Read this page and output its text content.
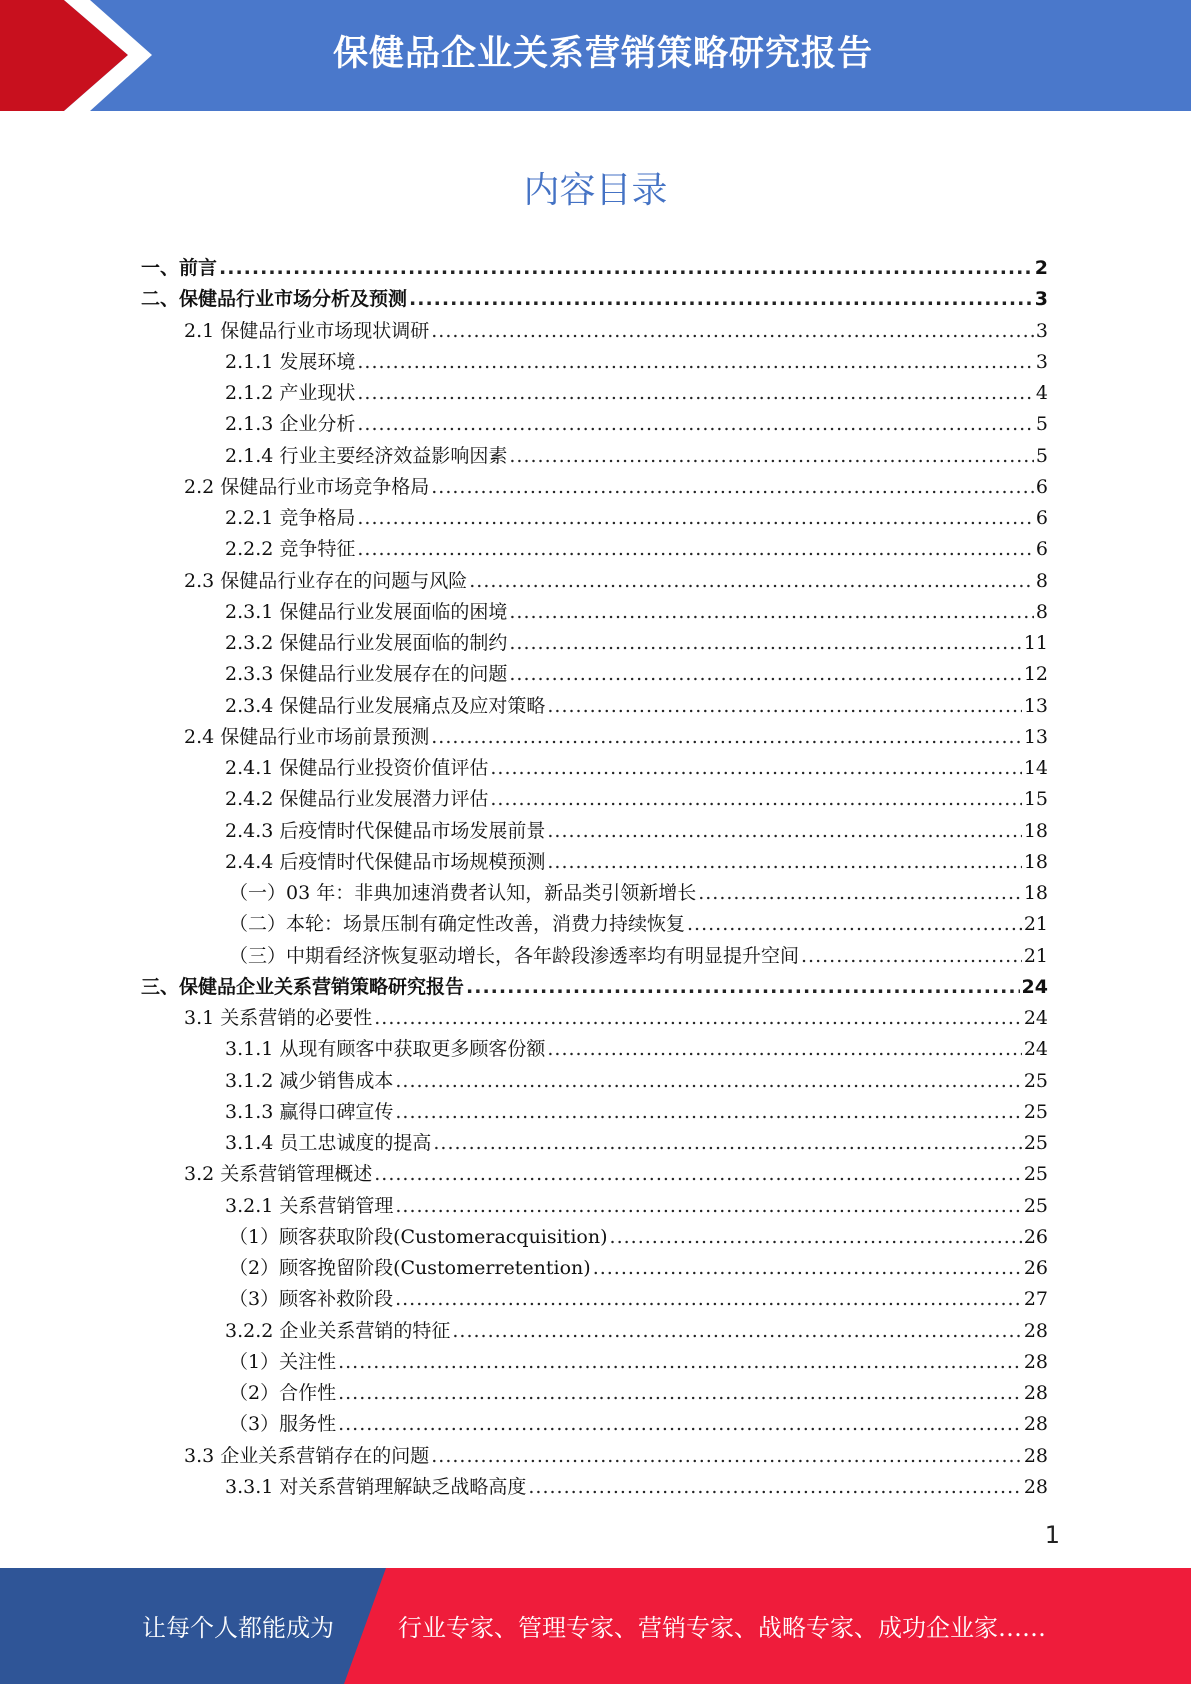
保健品企业关系营销策略研究报告
内容目录
一、前言 .....	2
二、保健品行业市场分析及预测 .....	3
2.1 保健品行业市场现状调研 .....	3
2.1.1 发展环境 .....	3
2.1.2 产业现状 .....	4
2.1.3 企业分析 .....	5
2.1.4 行业主要经济效益影响因素 .....	5
2.2 保健品行业市场竞争格局 .....	6
2.2.1 竞争格局 .....	6
2.2.2 竞争特征 .....	6
2.3 保健品行业存在的问题与风险 .....	8
2.3.1 保健品行业发展面临的困境 .....	8
2.3.2 保健品行业发展面临的制约 .....	11
2.3.3 保健品行业发展存在的问题 .....	12
2.3.4 保健品行业发展痛点及应对策略 .....	13
2.4 保健品行业市场前景预测 .....	13
2.4.1 保健品行业投资价值评估 .....	14
2.4.2 保健品行业发展潜力评估 .....	15
2.4.3 后疫情时代保健品市场发展前景 .....	18
2.4.4 后疫情时代保健品市场规模预测 .....	18
（一）03 年：非典加速消费者认知，新品类引领新增长 .....	18
（二）本轮：场景压制有确定性改善，消费力持续恢复 .....	21
（三）中期看经济恢复驱动增长，各年龄段渗透率均有明显提升空间 .....	21
三、保健品企业关系营销策略研究报告 .....	24
3.1 关系营销的必要性 .....	24
3.1.1 从现有顾客中获取更多顾客份额 .....	24
3.1.2 减少销售成本 .....	25
3.1.3 赢得口碑宣传 .....	25
3.1.4 员工忠诚度的提高 .....	25
3.2 关系营销管理概述 .....	25
3.2.1 关系营销管理 .....	25
（1）顾客获取阶段(Customeracquisition) .....	26
（2）顾客挽留阶段(Customerretention) .....	26
（3）顾客补救阶段 .....	27
3.2.2 企业关系营销的特征 .....	28
（1）关注性 .....	28
（2）合作性 .....	28
（3）服务性 .....	28
3.3 企业关系营销存在的问题 .....	28
3.3.1 对关系营销理解缺乏战略高度 .....	28
1
让每个人都能成为	行业专家、管理专家、营销专家、战略专家、成功企业家……
